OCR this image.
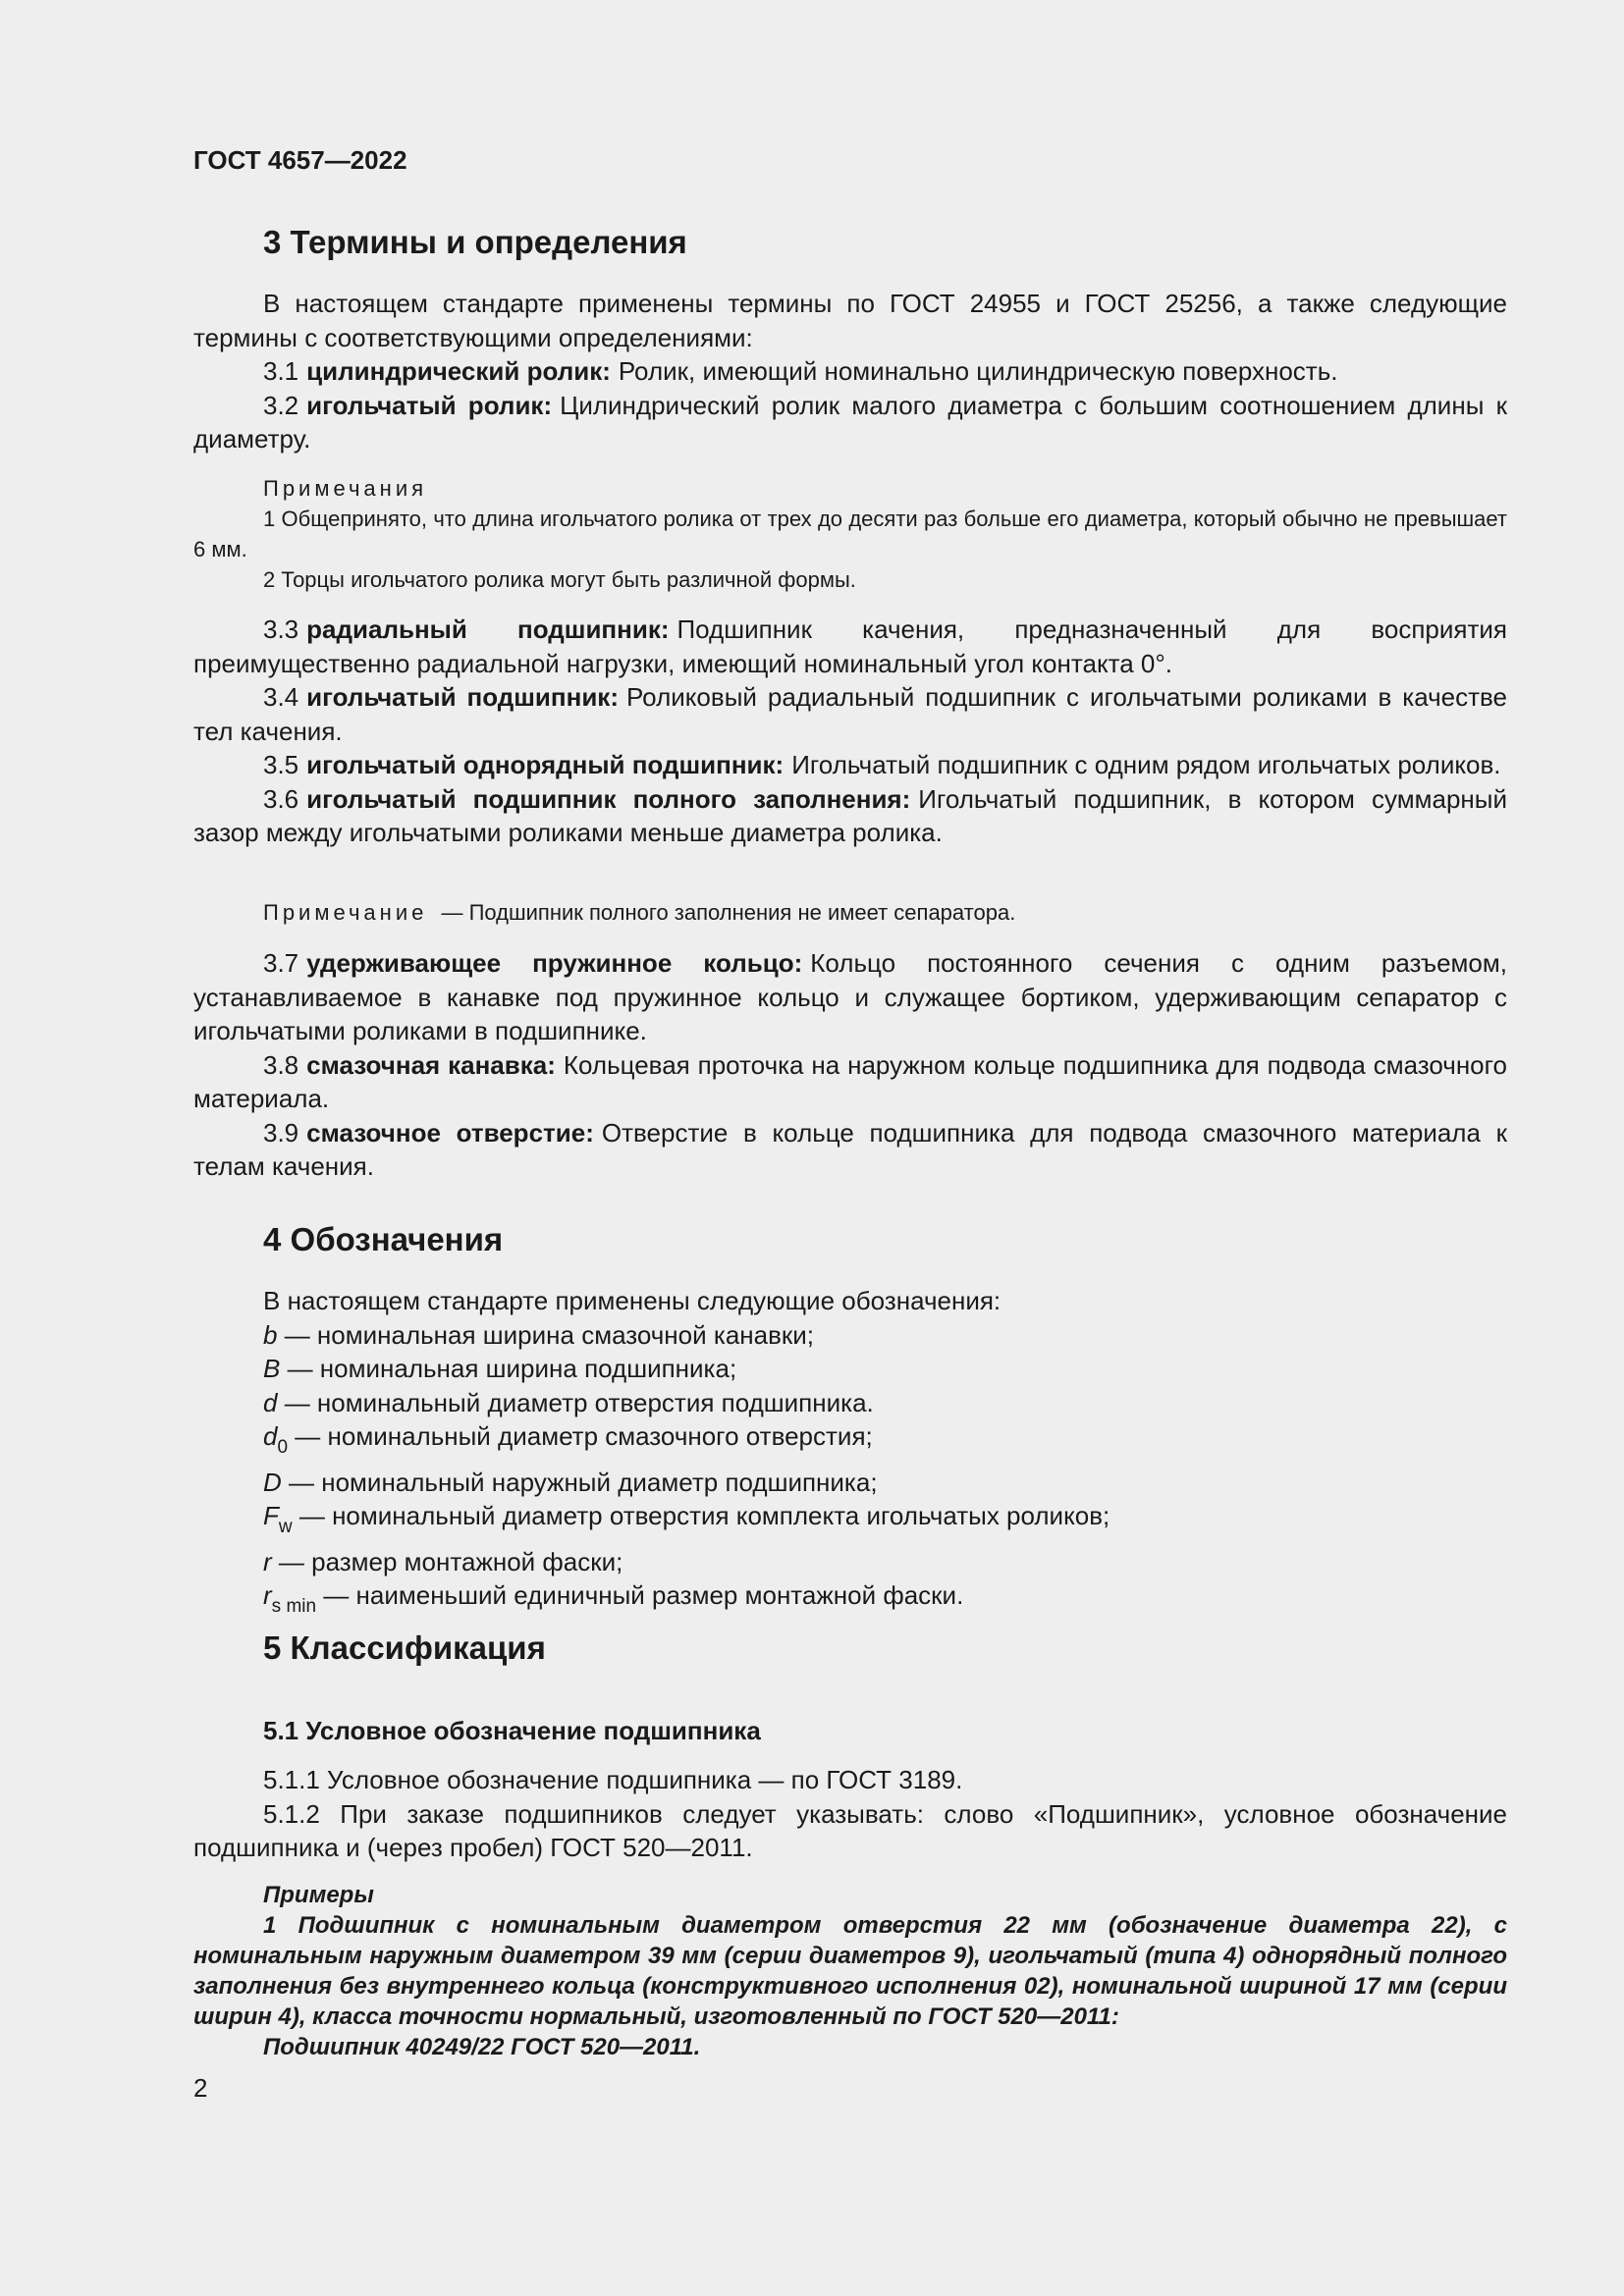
ГОСТ 4657—2022
3 Термины и определения

В настоящем стандарте применены термины по ГОСТ 24955 и ГОСТ 25256, а также следующие термины с соответствующими определениями:

3.1 цилиндрический ролик: Ролик, имеющий номинально цилиндрическую поверхность.

3.2 игольчатый ролик: Цилиндрический ролик малого диаметра с большим соотношением длины к диаметру.

Примечания

1 Общепринято, что длина игольчатого ролика от трех до десяти раз больше его диаметра, который обычно не превышает 6 мм.

2 Торцы игольчатого ролика могут быть различной формы.

3.3 радиальный подшипник: Подшипник качения, предназначенный для восприятия преимущественно радиальной нагрузки, имеющий номинальный угол контакта 0°.

3.4 игольчатый подшипник: Роликовый радиальный подшипник с игольчатыми роликами в качестве тел качения.

3.5 игольчатый однорядный подшипник: Игольчатый подшипник с одним рядом игольчатых роликов.

3.6 игольчатый подшипник полного заполнения: Игольчатый подшипник, в котором суммарный зазор между игольчатыми роликами меньше диаметра ролика.

Примечание — Подшипник полного заполнения не имеет сепаратора.

3.7 удерживающее пружинное кольцо: Кольцо постоянного сечения с одним разъемом, устанавливаемое в канавке под пружинное кольцо и служащее бортиком, удерживающим сепаратор с игольчатыми роликами в подшипнике.

3.8 смазочная канавка: Кольцевая проточка на наружном кольце подшипника для подвода смазочного материала.

3.9 смазочное отверстие: Отверстие в кольце подшипника для подвода смазочного материала к телам качения.

4 Обозначения

В настоящем стандарте применены следующие обозначения:

b — номинальная ширина смазочной канавки;

B — номинальная ширина подшипника;

d — номинальный диаметр отверстия подшипника.

$d_0$ — номинальный диаметр смазочного отверстия;

D — номинальный наружный диаметр подшипника;

$F_w$ — номинальный диаметр отверстия комплекта игольчатых роликов;

r — размер монтажной фаски;

$r_{s min}$ — наименьший единичный размер монтажной фаски.

5 Классификация
5.1 Условное обозначение подшипника

5.1.1 Условное обозначение подшипника — по ГОСТ 3189.

5.1.2 При заказе подшипников следует указывать: слово «Подшипник», условное обозначение подшипника и (через пробел) ГОСТ 520—2011.

Примеры

1 Подшипник с номинальным диаметром отверстия 22 мм (обозначение диаметра 22), с номинальным наружным диаметром 39 мм (серии диаметров 9), игольчатый (типа 4) однорядный полного заполнения без внутреннего кольца (конструктивного исполнения 02), номинальной шириной 17 мм (серии ширин 4), класса точности нормальный, изготовленный по ГОСТ 520—2011:

Подшипник 40249/22 ГОСТ 520—2011.

2
